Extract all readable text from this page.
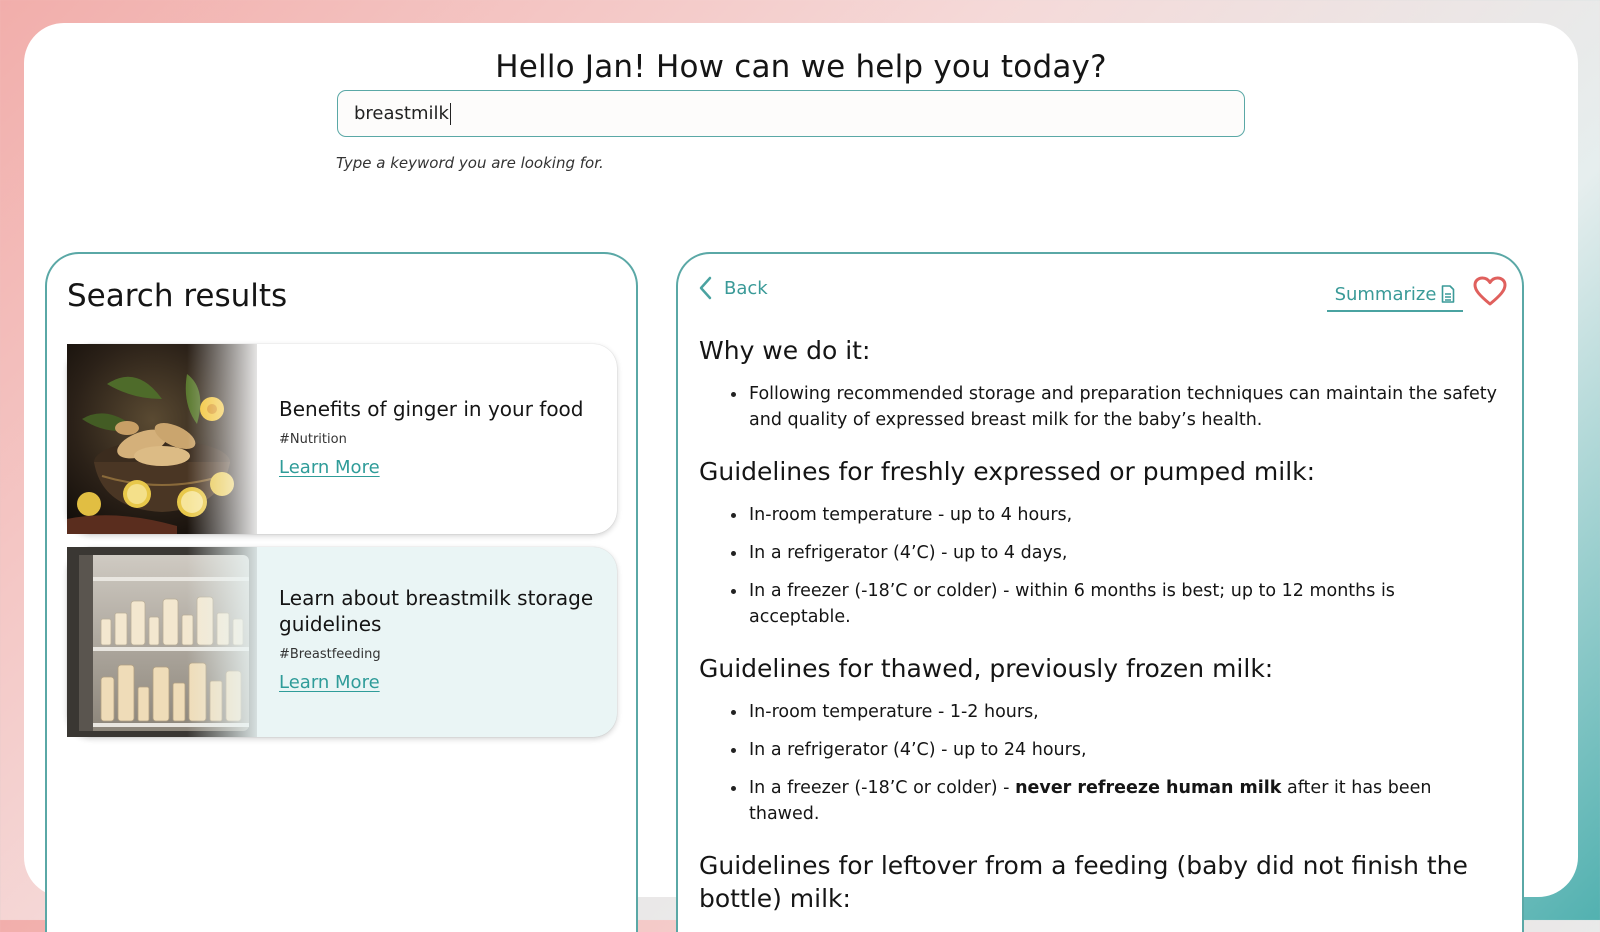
Hello Jan! How can we help you today?
breastmilk
Type a keyword you are looking for.
Search results
Benefits of ginger in your food
#Nutrition
Learn More
Learn about breastmilk storage guidelines
#Breastfeeding
Learn More
Back	Summarize
Why we do it:
Following recommended storage and preparation techniques can maintain the safety and quality of expressed breast milk for the baby’s health.
Guidelines for freshly expressed or pumped milk:
In-room temperature - up to 4 hours,
In a refrigerator (4’C) - up to 4 days,
In a freezer (-18’C or colder) - within 6 months is best; up to 12 months is acceptable.
Guidelines for thawed, previously frozen milk:
In-room temperature - 1-2 hours,
In a refrigerator (4’C) - up to 24 hours,
In a freezer (-18’C or colder) - never refreeze human milk after it has been thawed.
Guidelines for leftover from a feeding (baby did not finish the bottle) milk:
